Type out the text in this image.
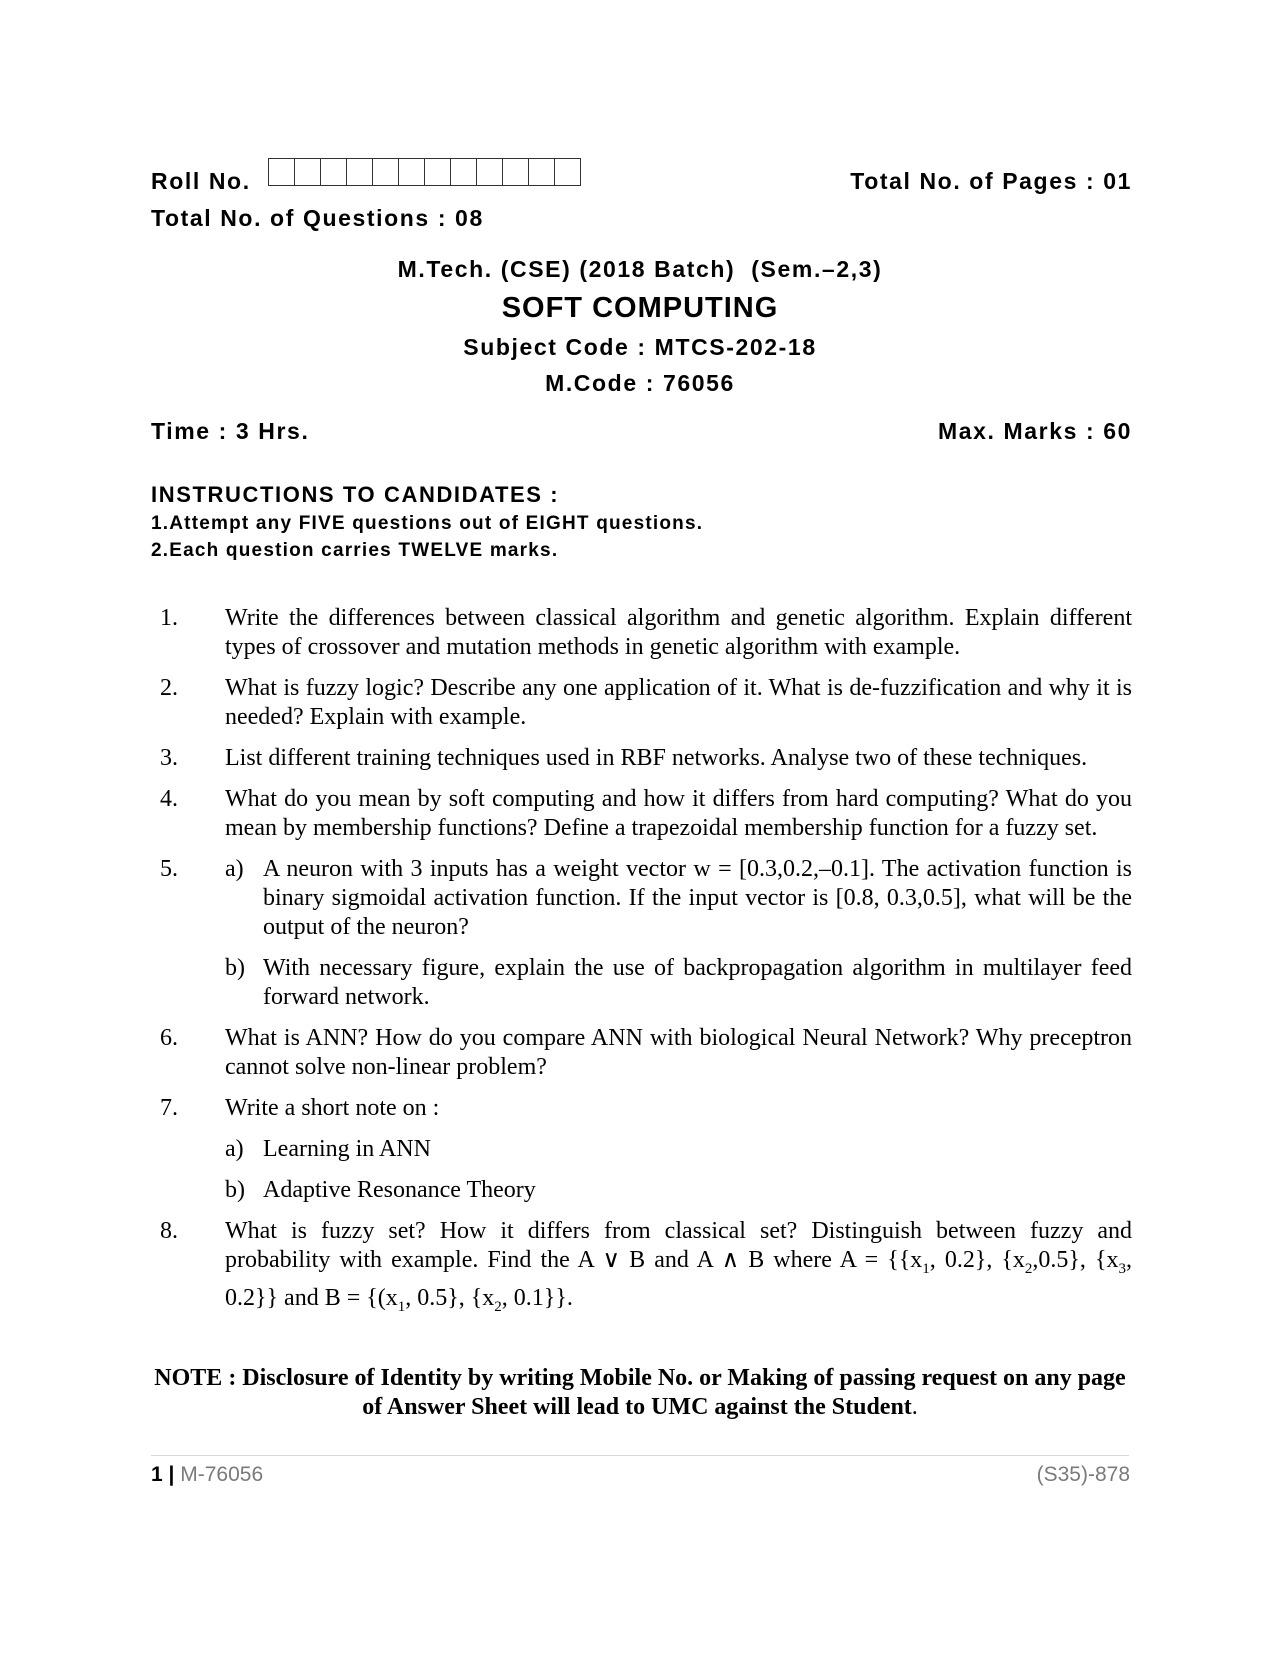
Roll No.	Total No. of Pages : 01
Total No. of Questions : 08
M.Tech. (CSE) (2018 Batch)  (Sem.–2,3)
SOFT COMPUTING
Subject Code : MTCS-202-18
M.Code : 76056
Time : 3 Hrs.	Max. Marks : 60
INSTRUCTIONS TO CANDIDATES :
1.Attempt any FIVE questions out of EIGHT questions.
2.Each question carries TWELVE marks.
1.	Write the differences between classical algorithm and genetic algorithm. Explain different types of crossover and mutation methods in genetic algorithm with example.
2.	What is fuzzy logic? Describe any one application of it. What is de-fuzzification and why it is needed? Explain with example.
3.	List different training techniques used in RBF networks. Analyse two of these techniques.
4.	What do you mean by soft computing and how it differs from hard computing? What do you mean by membership functions? Define a trapezoidal membership function for a fuzzy set.
5.	a) A neuron with 3 inputs has a weight vector w = [0.3,0.2,–0.1]. The activation function is binary sigmoidal activation function. If the input vector is [0.8, 0.3,0.5], what will be the output of the neuron?
b) With necessary figure, explain the use of backpropagation algorithm in multilayer feed forward network.
6.	What is ANN? How do you compare ANN with biological Neural Network? Why preceptron cannot solve non-linear problem?
7.	Write a short note on :
a) Learning in ANN
b) Adaptive Resonance Theory
8.	What is fuzzy set? How it differs from classical set? Distinguish between fuzzy and probability with example. Find the A ∨ B and A ∧ B where $A = \{\{x_1$, 0.2}, $\{x_2,0.5\}$, {$x_3$, 0.2}} and $B = \{(x_1$, 0.5}, {$x_2$, 0.1}}.
NOTE : Disclosure of Identity by writing Mobile No. or Making of passing request on any page of Answer Sheet will lead to UMC against the Student.
1 | M-76056	(S35)-878
